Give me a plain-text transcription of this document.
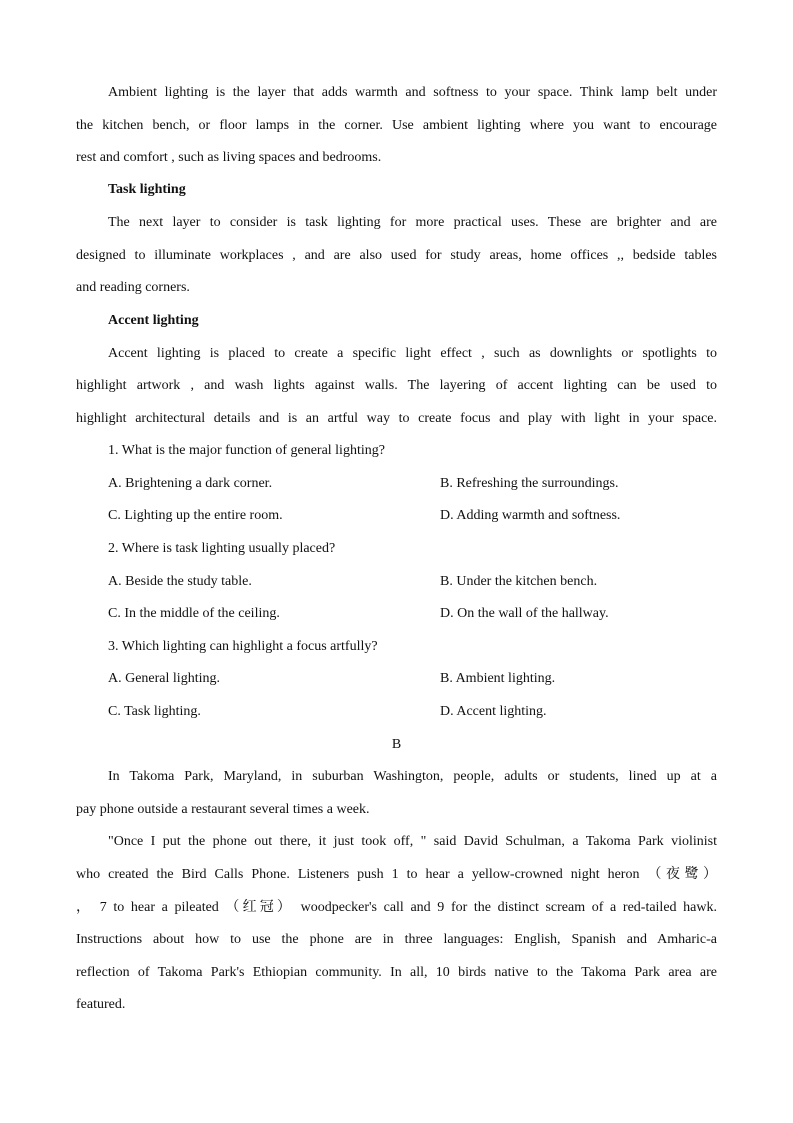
Ambient lighting is the layer that adds warmth and softness to your space. Think lamp belt under
the kitchen bench, or floor lamps in the corner. Use ambient lighting where you want to encourage
rest and comfort , such as living spaces and bedrooms.
Task lighting
The next layer to consider is task lighting for more practical uses. These are brighter and are
designed to illuminate workplaces , and are also used for study areas, home offices ,, bedside tables
and reading corners.
Accent lighting
Accent lighting is placed to create a specific light effect , such as downlights or spotlights to
highlight artwork , and wash lights against walls. The layering of accent lighting can be used to
highlight architectural details and is an artful way to create focus and play with light in your space.
1. What is the major function of general lighting?
A. Brightening a dark corner.	B. Refreshing the surroundings.
C. Lighting up the entire room.	D. Adding warmth and softness.
2. Where is task lighting usually placed?
A. Beside the study table.	B. Under the kitchen bench.
C. In the middle of the ceiling.	D. On the wall of the hallway.
3. Which lighting can highlight a focus artfully?
A. General lighting.	B. Ambient lighting.
C. Task lighting.	D. Accent lighting.
B
In Takoma Park, Maryland, in suburban Washington, people, adults or students, lined up at a
pay phone outside a restaurant several times a week.
"Once I put the phone out there, it just took off, " said David Schulman, a Takoma Park violinist
who created the Bird Calls Phone. Listeners push 1 to hear a yellow-crowned night heron （夜鹭）
， 7 to hear a pileated （红冠） woodpecker's call and 9 for the distinct scream of a red-tailed hawk.
Instructions about how to use the phone are in three languages: English, Spanish and Amharic-a
reflection of Takoma Park's Ethiopian community. In all, 10 birds native to the Takoma Park area are
featured.
